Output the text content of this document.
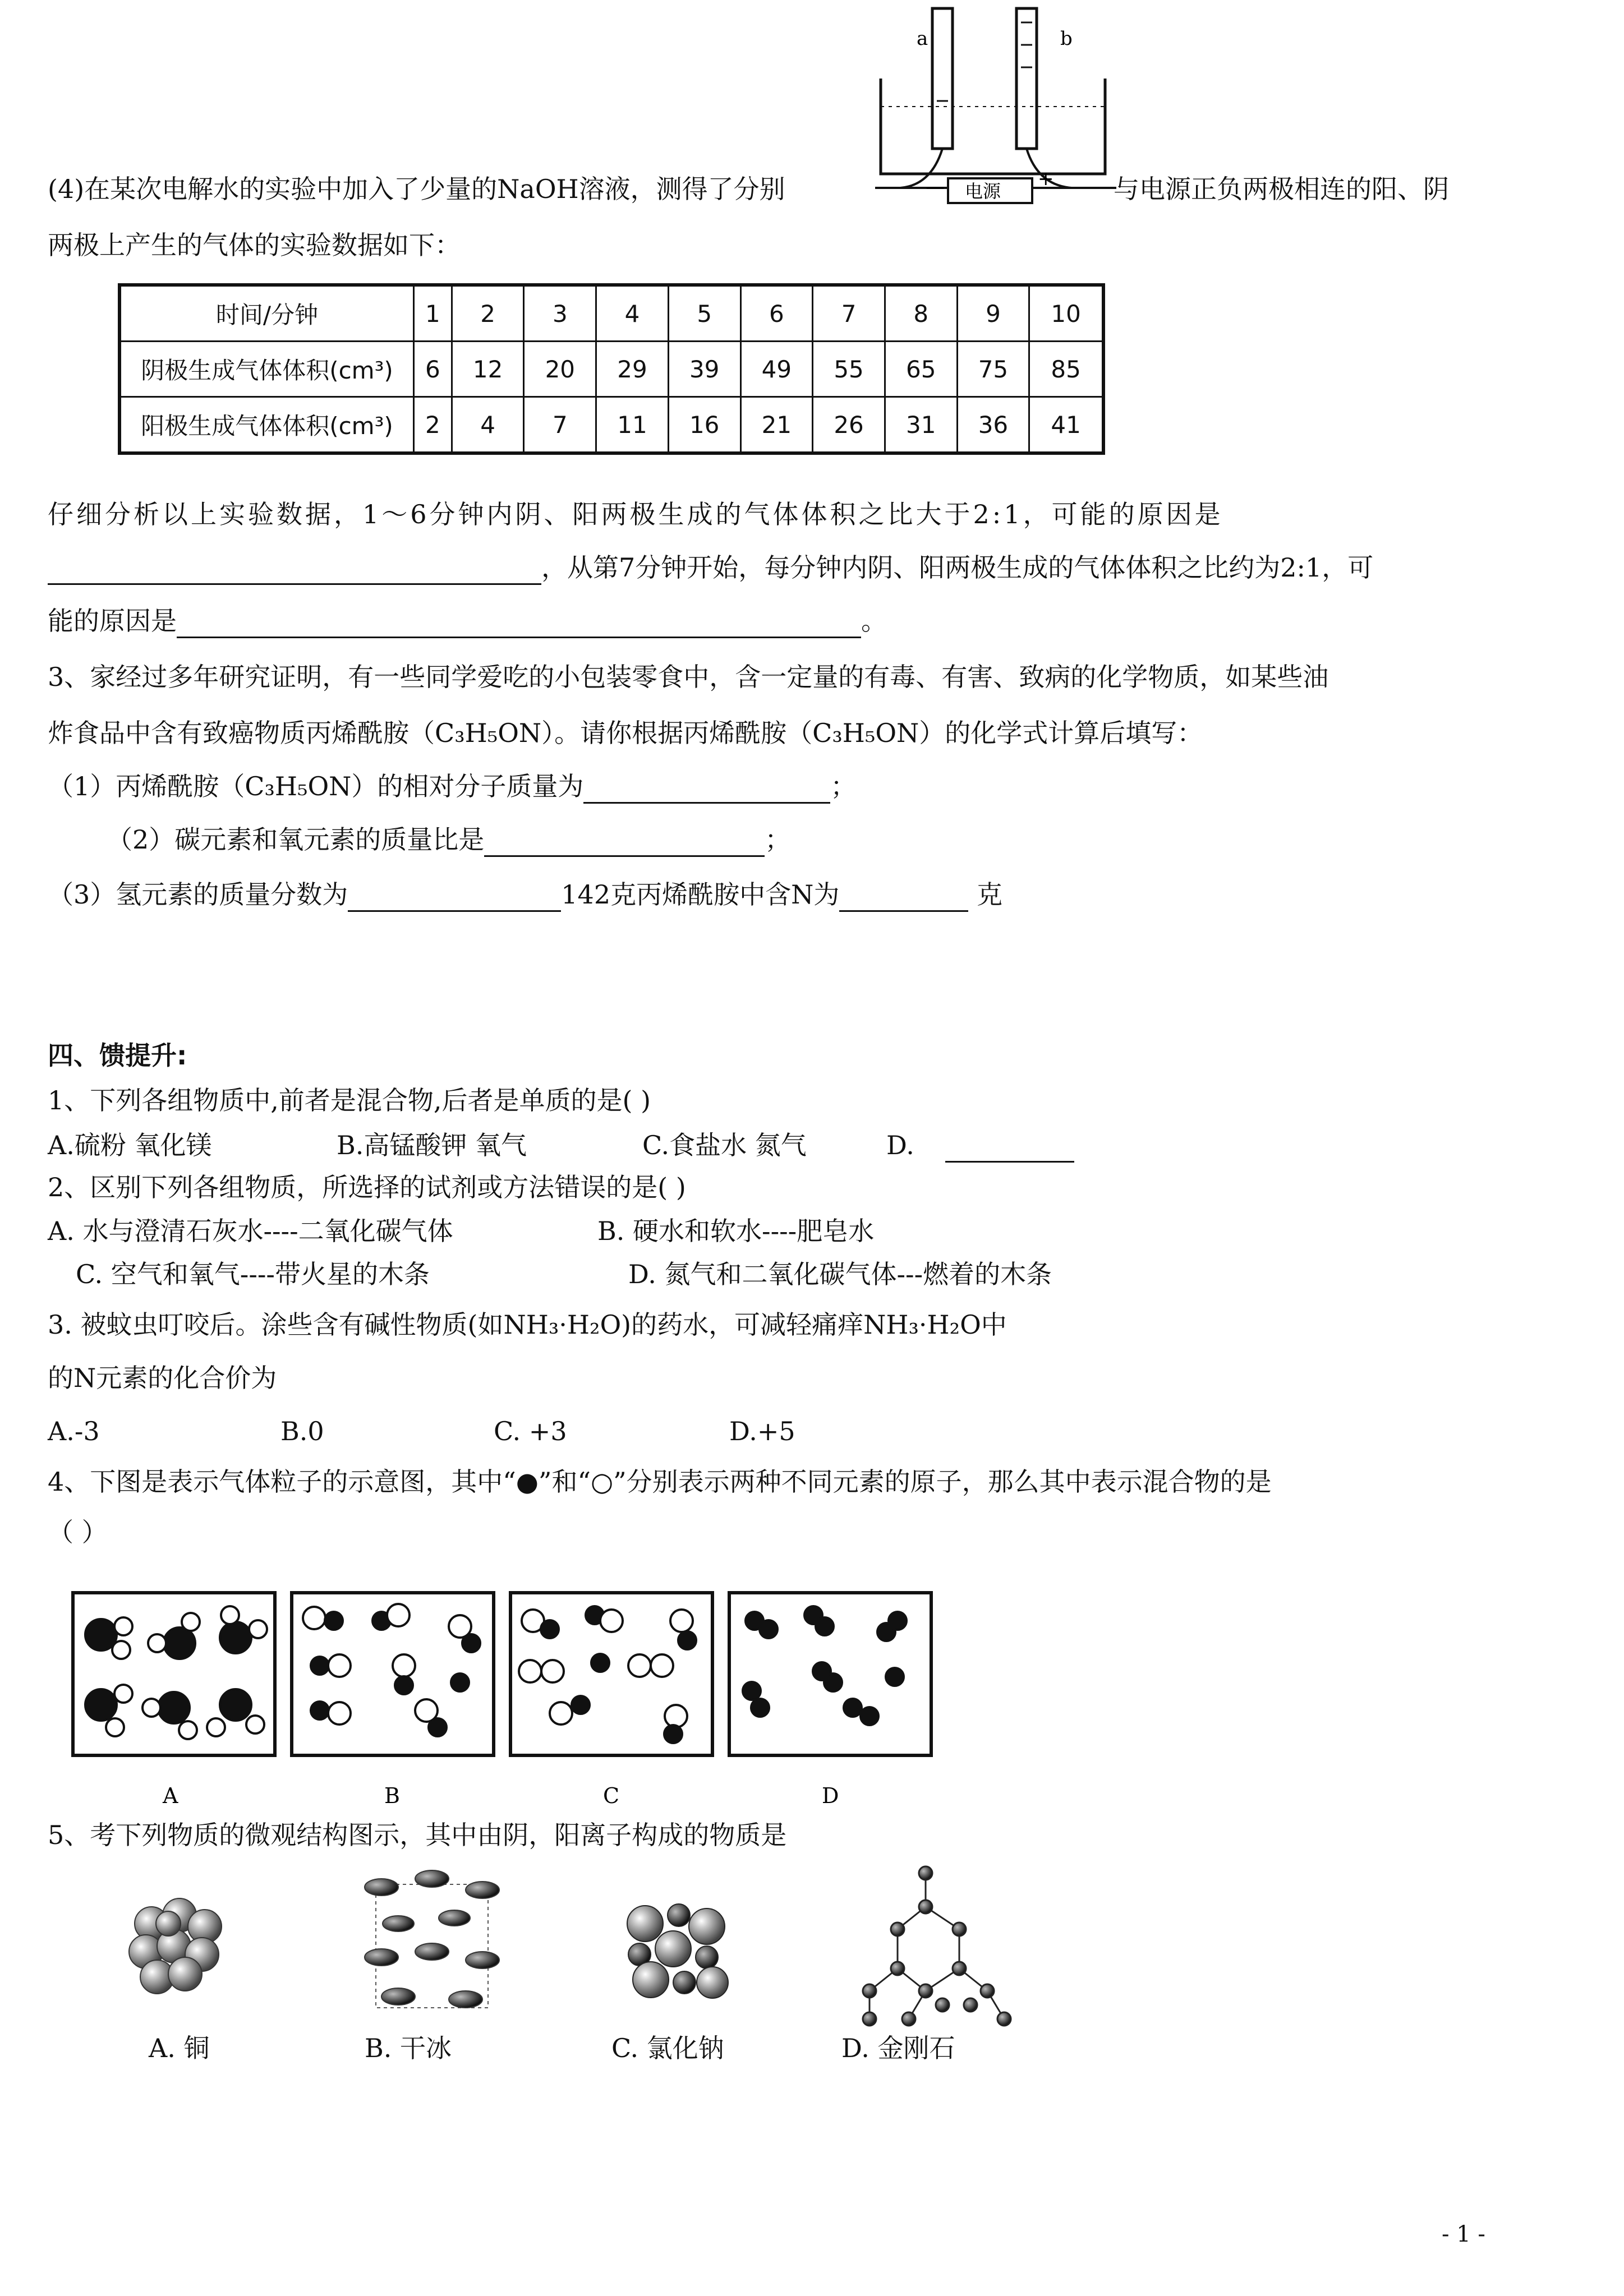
a	b
— 电源
+
(4)在某次电解水的实验中加入了少量的NaOH溶液，测得了分别	与电源正负两极相连的阳、阴
两极上产生的气体的实验数据如下：
时间/分钟	1	2	3	4	5	6	7	8	9	10
阴极生成气体体积(cm³)	6	12	20	29	39	49	55	65	75	85
阳极生成气体体积(cm³)	2	4	7	11	16	21	26	31	36	41
仔细分析以上实验数据，1～6分钟内阴、阳两极生成的气体体积之比大于2:1，可能的原因是
，从第7分钟开始，每分钟内阴、阳两极生成的气体体积之比约为2:1，可
能的原因是	。
3、家经过多年研究证明，有一些同学爱吃的小包装零食中，含一定量的有毒、有害、致病的化学物质，如某些油
炸食品中含有致癌物质丙烯酰胺（C₃H₅ON）。请你根据丙烯酰胺（C₃H₅ON）的化学式计算后填写：
（1）丙烯酰胺（C₃H₅ON）的相对分子质量为	；
（2）碳元素和氧元素的质量比是	；
（3）氢元素的质量分数为	142克丙烯酰胺中含N为	克
四、馈提升:
1、下列各组物质中,前者是混合物,后者是单质的是( )
A.硫粉 氧化镁	B.高锰酸钾 氧气	C.食盐水 氮气	D.
2、区别下列各组物质，所选择的试剂或方法错误的是( )
A. 水与澄清石灰水----二氧化碳气体	B. 硬水和软水----肥皂水
C. 空气和氧气----带火星的木条	D. 氮气和二氧化碳气体---燃着的木条
3. 被蚊虫叮咬后。涂些含有碱性物质(如NH₃·H₂O)的药水，可减轻痛痒NH₃·H₂O中
的N元素的化合价为
A.-3	B.0	C. +3	D.+5
4、下图是表示气体粒子的示意图，其中“●”和“○”分别表示两种不同元素的原子，那么其中表示混合物的是
（ ）
A	B	C	D
5、考下列物质的微观结构图示，其中由阴，阳离子构成的物质是
A. 铜	B. 干冰	C. 氯化钠	D. 金刚石
- 1 -
